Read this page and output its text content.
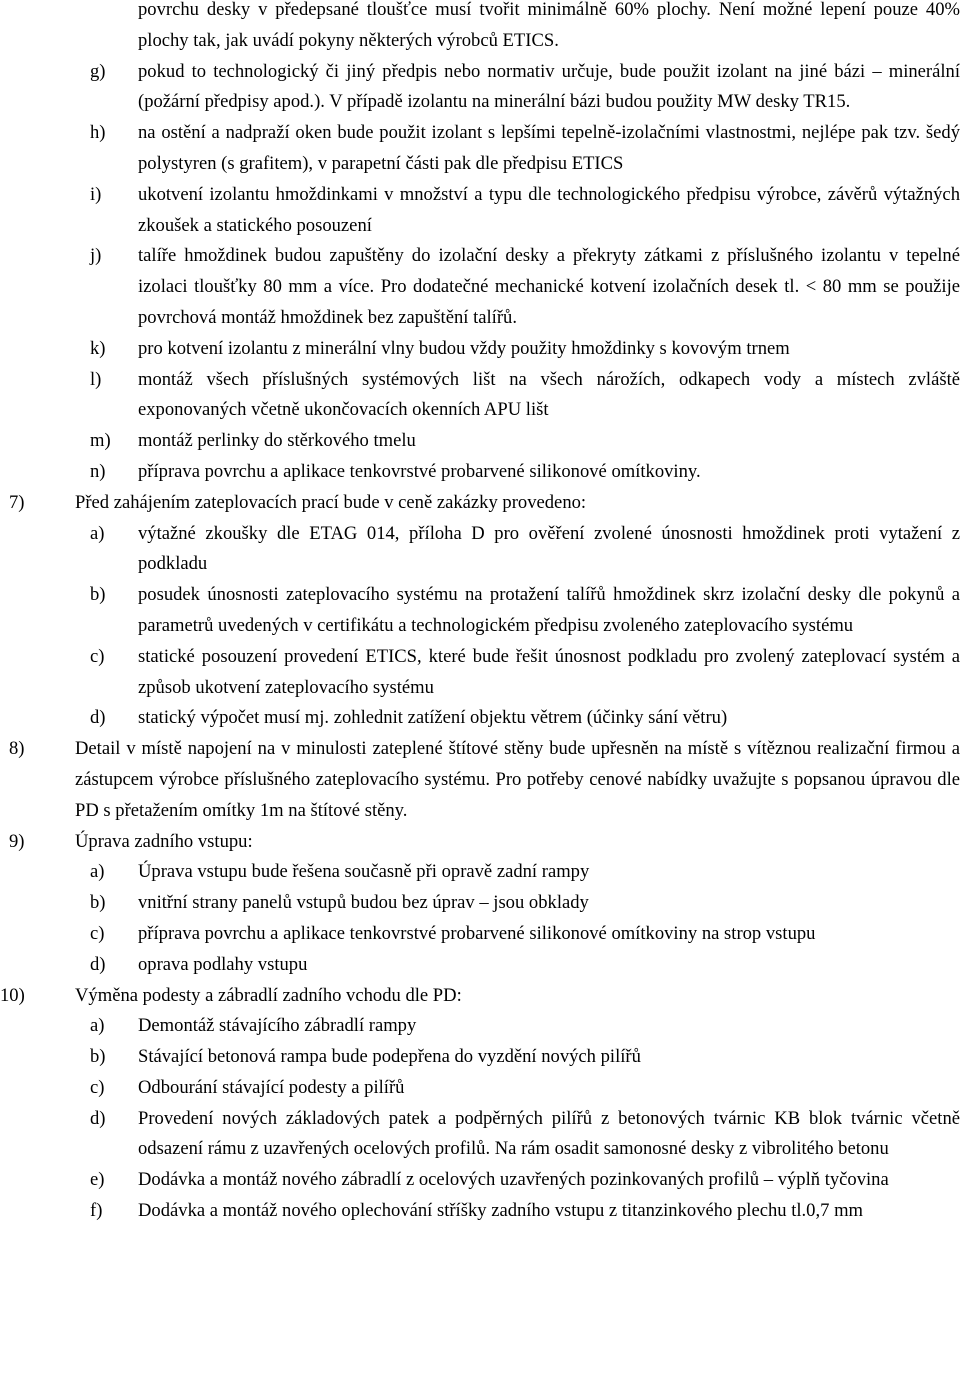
povrchu desky v předepsané tloušťce musí tvořit minimálně 60% plochy. Není možné lepení pouze 40% plochy tak, jak uvádí pokyny některých výrobců ETICS.
g)	pokud to technologický či jiný předpis nebo normativ určuje, bude použit izolant na jiné bázi – minerální (požární předpisy apod.). V případě izolantu na minerální bázi budou použity MW desky TR15.
h)	na ostění a nadpraží oken bude použit izolant s lepšími tepelně-izolačními vlastnostmi, nejlépe pak tzv. šedý polystyren (s grafitem), v parapetní části pak dle předpisu ETICS
i)	ukotvení izolantu hmoždinkami v množství a typu dle technologického předpisu výrobce, závěrů výtažných zkoušek a statického posouzení
j)	talíře hmoždinek budou zapuštěny do izolační desky a překryty zátkami z příslušného izolantu v tepelné izolaci tloušťky 80 mm a více. Pro dodatečné mechanické kotvení izolačních desek tl. < 80 mm se použije povrchová montáž hmoždinek bez zapuštění talířů.
k)	pro kotvení izolantu z minerální vlny budou vždy použity hmoždinky s kovovým trnem
l)	montáž všech příslušných systémových lišt na všech nárožích, odkapech vody a místech zvláště exponovaných včetně ukončovacích okenních APU lišt
m)	montáž perlinky do stěrkového tmelu
n)	příprava povrchu a aplikace tenkovrstvé probarvené silikonové omítkoviny.
7)	Před zahájením zateplovacích prací bude v ceně zakázky provedeno:
a)	výtažné zkoušky dle ETAG 014, příloha D pro ověření zvolené únosnosti hmoždinek proti vytažení z podkladu
b)	posudek únosnosti zateplovacího systému na protažení talířů hmoždinek skrz izolační desky dle pokynů a parametrů uvedených v certifikátu a technologickém předpisu zvoleného zateplovacího systému
c)	statické posouzení provedení ETICS, které bude řešit únosnost podkladu pro zvolený zateplovací systém a způsob ukotvení zateplovacího systému
d)	statický výpočet musí mj. zohlednit zatížení objektu větrem (účinky sání větru)
8)	Detail v místě napojení na v minulosti zateplené štítové stěny bude upřesněn na místě s vítěznou realizační firmou a zástupcem výrobce příslušného zateplovacího systému. Pro potřeby cenové nabídky uvažujte s popsanou úpravou dle PD s přetažením omítky 1m na štítové stěny.
9)	Úprava zadního vstupu:
a)	Úprava vstupu bude řešena současně při opravě zadní rampy
b)	vnitřní strany panelů vstupů budou bez úprav – jsou obklady
c)	příprava povrchu a aplikace tenkovrstvé probarvené silikonové omítkoviny na strop vstupu
d)	oprava podlahy vstupu
10)	Výměna podesty a zábradlí zadního vchodu dle PD:
a)	Demontáž stávajícího zábradlí rampy
b)	Stávající betonová rampa bude podepřena do vyzdění nových pilířů
c)	Odbourání stávající podesty a pilířů
d)	Provedení nových základových patek a podpěrných pilířů z betonových tvárnic KB blok tvárnic včetně odsazení rámu z uzavřených ocelových profilů. Na rám osadit samonosné desky z vibrolitého betonu
e)	Dodávka a montáž nového zábradlí z ocelových uzavřených pozinkovaných profilů – výplň tyčovina
f)	Dodávka a montáž nového oplechování stříšky zadního vstupu z titanzinkového plechu tl.0,7 mm
